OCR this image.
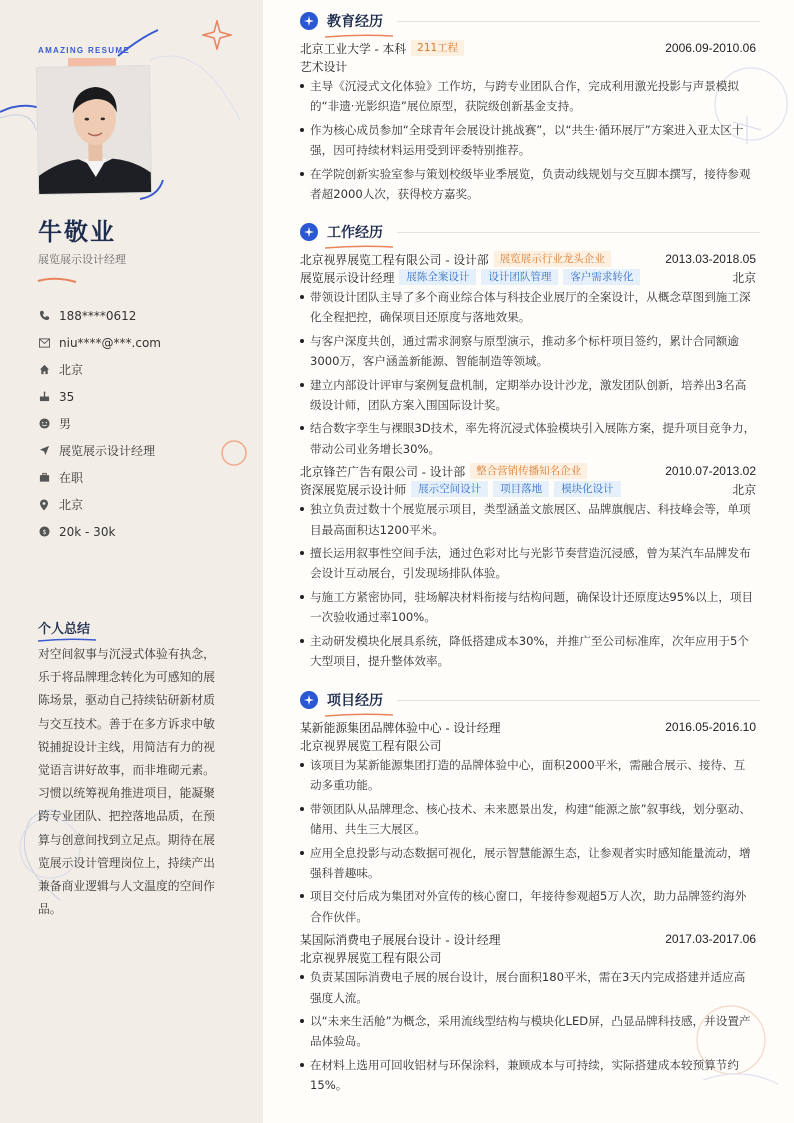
AMAZING RESUME
牛敬业
展览展示设计经理
188****0612
niu****@***.com
北京
35
男
展览展示设计经理
在职
北京
$ 20k - 30k
个人总结
对空间叙事与沉浸式体验有执念，乐于将品牌理念转化为可感知的展陈场景，驱动自己持续钻研新材质与交互技术。善于在多方诉求中敏锐捕捉设计主线，用简洁有力的视觉语言讲好故事，而非堆砌元素。习惯以统筹视角推进项目，能凝聚跨专业团队、把控落地品质，在预算与创意间找到立足点。期待在展览展示设计管理岗位上，持续产出兼备商业逻辑与人文温度的空间作品。
教育经历
北京工业大学 - 本科	211工程	2006.09-2010.06
艺术设计
主导《沉浸式文化体验》工作坊，与跨专业团队合作，完成利用激光投影与声景模拟的“非遗·光影织造”展位原型，获院级创新基金支持。
作为核心成员参加“全球青年会展设计挑战赛”，以“共生·循环展厅”方案进入亚太区十强，因可持续材料运用受到评委特别推荐。
在学院创新实验室参与策划校级毕业季展览，负责动线规划与交互脚本撰写，接待参观者超2000人次，获得校方嘉奖。
工作经历
北京视界展览工程有限公司 - 设计部	展览展示行业龙头企业	2013.03-2018.05
展览展示设计经理	展陈全案设计	设计团队管理	客户需求转化	北京
带领设计团队主导了多个商业综合体与科技企业展厅的全案设计，从概念草图到施工深化全程把控，确保项目还原度与落地效果。
与客户深度共创，通过需求洞察与原型演示，推动多个标杆项目签约，累计合同额逾3000万，客户涵盖新能源、智能制造等领域。
建立内部设计评审与案例复盘机制，定期举办设计沙龙，激发团队创新，培养出3名高级设计师，团队方案入围国际设计奖。
结合数字孪生与裸眼3D技术，率先将沉浸式体验模块引入展陈方案，提升项目竞争力，带动公司业务增长30%。
北京锋芒广告有限公司 - 设计部	整合营销传播知名企业	2010.07-2013.02
资深展览展示设计师	展示空间设计	项目落地	模块化设计	北京
独立负责过数十个展览展示项目，类型涵盖文旅展区、品牌旗舰店、科技峰会等，单项目最高面积达1200平米。
擅长运用叙事性空间手法，通过色彩对比与光影节奏营造沉浸感，曾为某汽车品牌发布会设计互动展台，引发现场排队体验。
与施工方紧密协同，驻场解决材料衔接与结构问题，确保设计还原度达95%以上，项目一次验收通过率100%。
主动研发模块化展具系统，降低搭建成本30%，并推广至公司标准库，次年应用于5个大型项目，提升整体效率。
项目经历
某新能源集团品牌体验中心 - 设计经理	2016.05-2016.10
北京视界展览工程有限公司
该项目为某新能源集团打造的品牌体验中心，面积2000平米，需融合展示、接待、互动多重功能。
带领团队从品牌理念、核心技术、未来愿景出发，构建“能源之旅”叙事线，划分驱动、储用、共生三大展区。
应用全息投影与动态数据可视化，展示智慧能源生态，让参观者实时感知能量流动，增强科普趣味。
项目交付后成为集团对外宣传的核心窗口，年接待参观超5万人次，助力品牌签约海外合作伙伴。
某国际消费电子展展台设计 - 设计经理	2017.03-2017.06
北京视界展览工程有限公司
负责某国际消费电子展的展台设计，展台面积180平米，需在3天内完成搭建并适应高强度人流。
以“未来生活舱”为概念，采用流线型结构与模块化LED屏，凸显品牌科技感，并设置产品体验岛。
在材料上选用可回收铝材与环保涂料，兼顾成本与可持续，实际搭建成本较预算节约15%。
